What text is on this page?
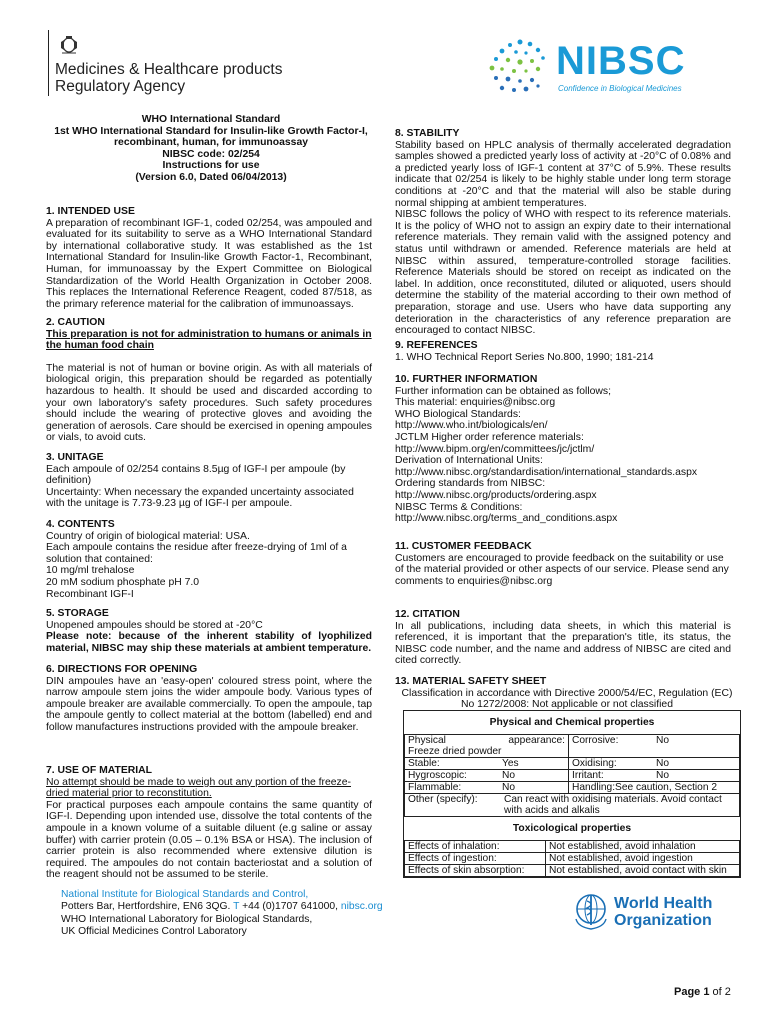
Medicines & Healthcare products
Regulatory Agency
NIBSC
Confidence in Biological Medicines
WHO International Standard
1st WHO International Standard for Insulin-like Growth Factor-I,
recombinant, human, for immunoassay
NIBSC code: 02/254
Instructions for use
(Version 6.0, Dated 06/04/2013)

1. INTENDED USE

A preparation of recombinant IGF-1, coded 02/254, was ampouled and evaluated for its suitability to serve as a WHO International Standard by international collaborative study. It was established as the 1st International Standard for Insulin-like Growth Factor-1, Recombinant, Human, for immunoassay by the Expert Committee on Biological Standardization of the World Health Organization in October 2008. This replaces the International Reference Reagent, coded 87/518, as the primary reference material for the calibration of immunoassays.

2. CAUTION

This preparation is not for administration to humans or animals in the human food chain

The material is not of human or bovine origin. As with all materials of biological origin, this preparation should be regarded as potentially hazardous to health. It should be used and discarded according to your own laboratory's safety procedures. Such safety procedures should include the wearing of protective gloves and avoiding the generation of aerosols. Care should be exercised in opening ampoules or vials, to avoid cuts.

3. UNITAGE

Each ampoule of 02/254 contains 8.5µg of IGF-I per ampoule (by definition)

Uncertainty: When necessary the expanded uncertainty associated with the unitage is 7.73-9.23 µg of IGF-I per ampoule.

4. CONTENTS

Country of origin of biological material: USA.

Each ampoule contains the residue after freeze-drying of 1ml of a solution that contained:

10 mg/ml trehalose

20 mM sodium phosphate pH 7.0

Recombinant IGF-I

5. STORAGE

Unopened ampoules should be stored at -20°C

Please note: because of the inherent stability of lyophilized material, NIBSC may ship these materials at ambient temperature.

6. DIRECTIONS FOR OPENING

DIN ampoules have an 'easy-open' coloured stress point, where the narrow ampoule stem joins the wider ampoule body. Various types of ampoule breaker are available commercially. To open the ampoule, tap the ampoule gently to collect material at the bottom (labelled) end and follow manufactures instructions provided with the ampoule breaker.

7. USE OF MATERIAL

No attempt should be made to weigh out any portion of the freeze-dried material prior to reconstitution.

For practical purposes each ampoule contains the same quantity of IGF-I. Depending upon intended use, dissolve the total contents of the ampoule in a known volume of a suitable diluent (e.g saline or assay buffer) with carrier protein (0.05 – 0.1% BSA or HSA). The inclusion of carrier protein is also recommended where extensive dilution is required. The ampoules do not contain bacteriostat and a solution of the reagent should not be assumed to be sterile.

8. STABILITY

Stability based on HPLC analysis of thermally accelerated degradation samples showed a predicted yearly loss of activity at -20°C of 0.08% and a predicted yearly loss of IGF-1 content at 37°C of 5.9%. These results indicate that 02/254 is likely to be highly stable under long term storage conditions at -20°C and that the material will also be stable during normal shipping at ambient temperatures.

NIBSC follows the policy of WHO with respect to its reference materials. It is the policy of WHO not to assign an expiry date to their international reference materials. They remain valid with the assigned potency and status until withdrawn or amended. Reference materials are held at NIBSC within assured, temperature-controlled storage facilities. Reference Materials should be stored on receipt as indicated on the label. In addition, once reconstituted, diluted or aliquoted, users should determine the stability of the material according to their own method of preparation, storage and use. Users who have data supporting any deterioration in the characteristics of any reference preparation are encouraged to contact NIBSC.

9. REFERENCES

1. WHO Technical Report Series No.800, 1990; 181-214

10. FURTHER INFORMATION

Further information can be obtained as follows;

This material: enquiries@nibsc.org

WHO Biological Standards:

http://www.who.int/biologicals/en/

JCTLM Higher order reference materials:

http://www.bipm.org/en/committees/jc/jctlm/

Derivation of International Units:

http://www.nibsc.org/standardisation/international_standards.aspx

Ordering standards from NIBSC:

http://www.nibsc.org/products/ordering.aspx

NIBSC Terms & Conditions:

http://www.nibsc.org/terms_and_conditions.aspx

11. CUSTOMER FEEDBACK

Customers are encouraged to provide feedback on the suitability or use of the material provided or other aspects of our service. Please send any comments to enquiries@nibsc.org

12. CITATION

In all publications, including data sheets, in which this material is referenced, it is important that the preparation's title, its status, the NIBSC code number, and the name and address of NIBSC are cited and cited correctly.

13. MATERIAL SAFETY SHEET

Classification in accordance with Directive 2000/54/EC, Regulation (EC)

No 1272/2008: Not applicable or not classified

Physical and Chemical properties
Physical appearance:
Freeze dried powder	Corrosive: No
Stable: Yes	Oxidising: No
Hygroscopic: No	Irritant: No
Flammable: No	Handling:See caution, Section 2

Other (specify): Can react with oxidising materials. Avoid contact with acids and alkalis	
Toxicological properties
Effects of inhalation:	Not established, avoid inhalation
Effects of ingestion:	Not established, avoid ingestion
Effects of skin absorption:	Not established, avoid contact with skin
National Institute for Biological Standards and Control,
Potters Bar, Hertfordshire, EN6 3QG. T +44 (0)1707 641000, nibsc.org
WHO International Laboratory for Biological Standards,
UK Official Medicines Control Laboratory
World Health
Organization
Page 1 of 2
